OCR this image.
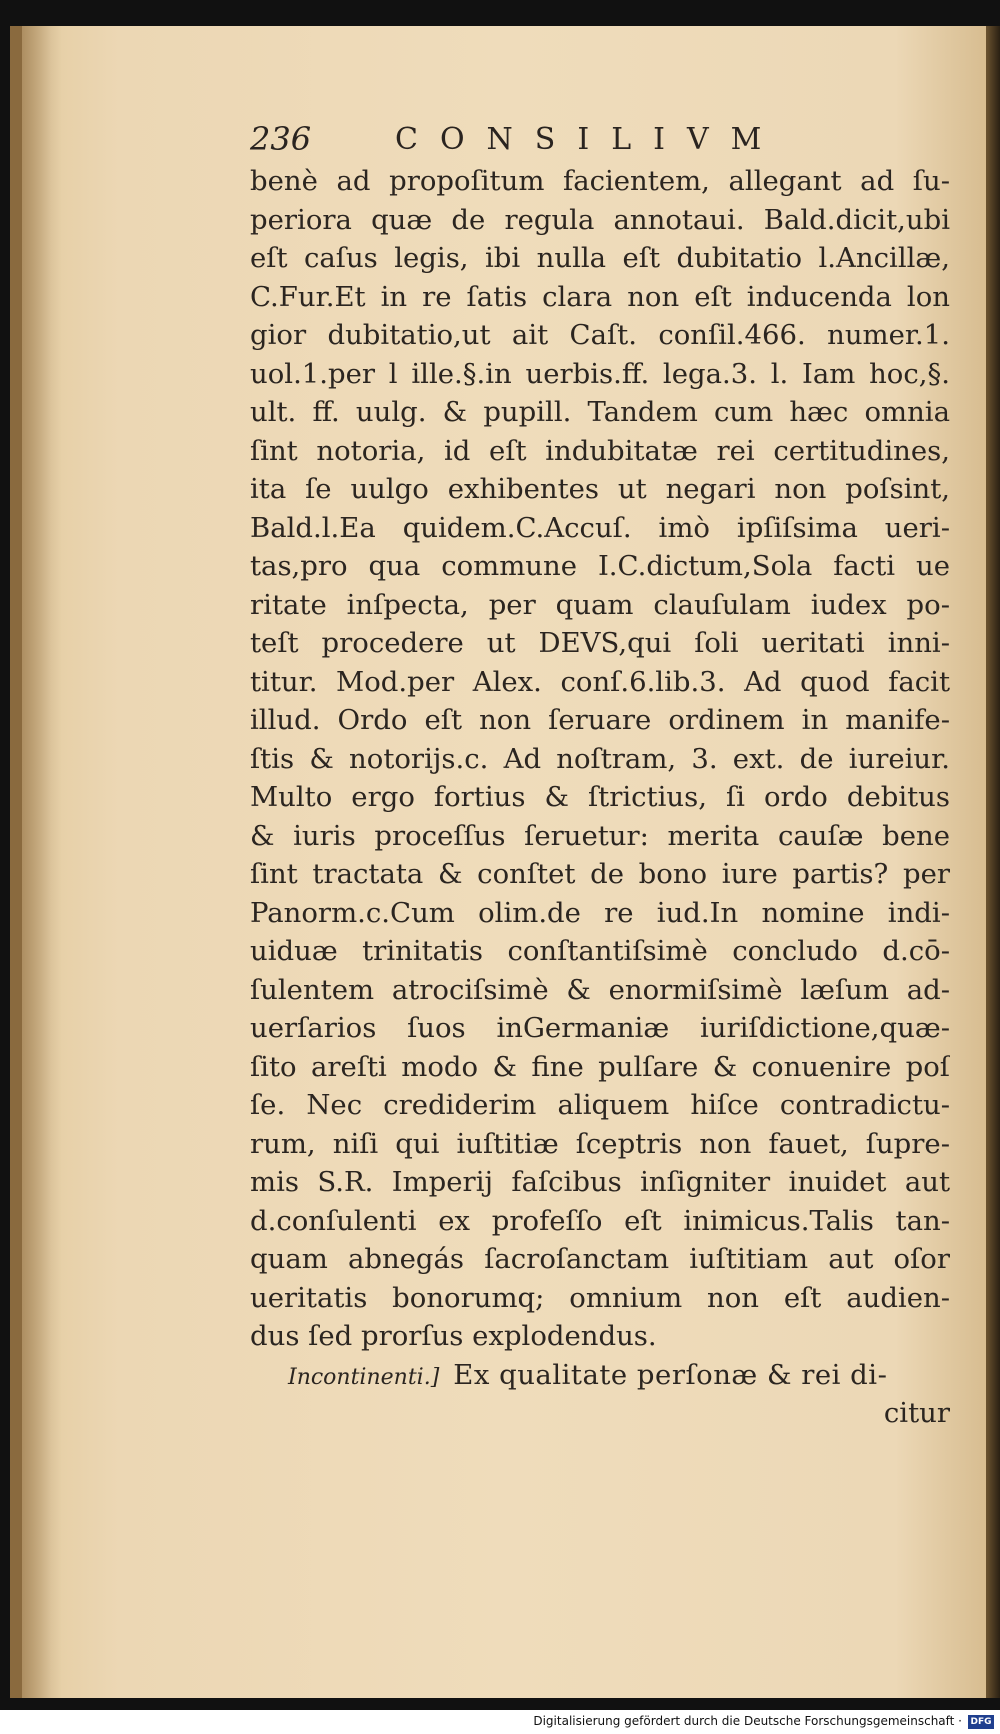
236	CONSILIVM
benè ad propoſitum facientem, allegant ad ſu-
periora quæ de regula annotaui. Bald.dicit,ubi
eſt caſus legis, ibi nulla eſt dubitatio l.Ancillæ,
C.Fur.Et in re ſatis clara non eſt inducenda lon
gior dubitatio,ut ait Caſt. conſil.466. numer.1.
uol.1.per l ille.§.in uerbis.ff. lega.3. l. Iam hoc,§.
ult. ff. uulg. & pupill. Tandem cum hæc omnia
ſint notoria, id eſt indubitatæ rei certitudines,
ita ſe uulgo exhibentes ut negari non poſsint,
Bald.l.Ea quidem.C.Accuſ. imò ipſiſsima ueri-
tas,pro qua commune I.C.dictum,Sola facti ue
ritate inſpecta, per quam clauſulam iudex po-
teſt procedere ut DEVS,qui ſoli ueritati inni-
titur. Mod.per Alex. conſ.6.lib.3. Ad quod facit
illud. Ordo eſt non ſeruare ordinem in manife-
ſtis & notorijs.c. Ad noſtram, 3. ext. de iureiur.
Multo ergo fortius & ſtrictius, ſi ordo debitus
& iuris proceſſus ſeruetur: merita cauſæ bene
ſint tractata & conſtet de bono iure partis? per
Panorm.c.Cum olim.de re iud.In nomine indi-
uiduæ trinitatis conſtantiſsimè concludo d.cō-
ſulentem atrociſsimè & enormiſsimè læſum ad-
uerſarios ſuos inGermaniæ iuriſdictione,quæ-
ſito areſti modo & fine pulſare & conuenire poſ
ſe. Nec crediderim aliquem hiſce contradictu-
rum, niſi qui iuſtitiæ ſceptris non fauet, ſupre-
mis S.R. Imperij faſcibus inſigniter inuidet aut
d.conſulenti ex profeſſo eſt inimicus.Talis tan-
quam abnegás ſacroſanctam iuſtitiam aut oſor
ueritatis bonorumq; omnium non eſt audien-
dus ſed prorſus explodendus.
Incontinenti.] Ex qualitate perſonæ & rei di-
citur
Digitalisierung gefördert durch die Deutsche Forschungsgemeinschaft · DFG
